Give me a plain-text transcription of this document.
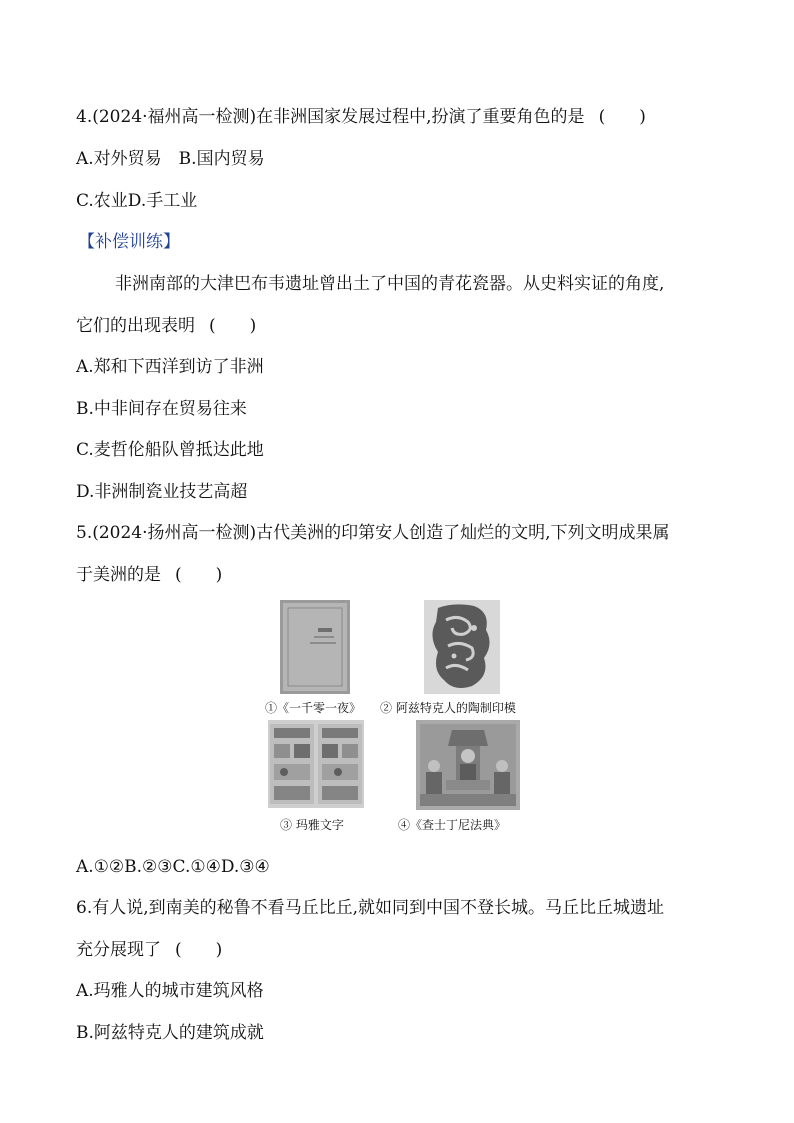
4.(2024·福州高一检测)在非洲国家发展过程中,扮演了重要角色的是 (　　)
A.对外贸易　B.国内贸易
C.农业D.手工业
【补偿训练】
非洲南部的大津巴布韦遗址曾出土了中国的青花瓷器。从史料实证的角度,
它们的出现表明 (　　)
A.郑和下西洋到访了非洲
B.中非间存在贸易往来
C.麦哲伦船队曾抵达此地
D.非洲制瓷业技艺高超
5.(2024·扬州高一检测)古代美洲的印第安人创造了灿烂的文明,下列文明成果属
于美洲的是 (　　)
①《一千零一夜》 ② 阿兹特克人的陶制印模
③ 玛雅文字	④《查士丁尼法典》
A.①②B.②③C.①④D.③④
6.有人说,到南美的秘鲁不看马丘比丘,就如同到中国不登长城。马丘比丘城遗址
充分展现了 (　　)
A.玛雅人的城市建筑风格
B.阿兹特克人的建筑成就
